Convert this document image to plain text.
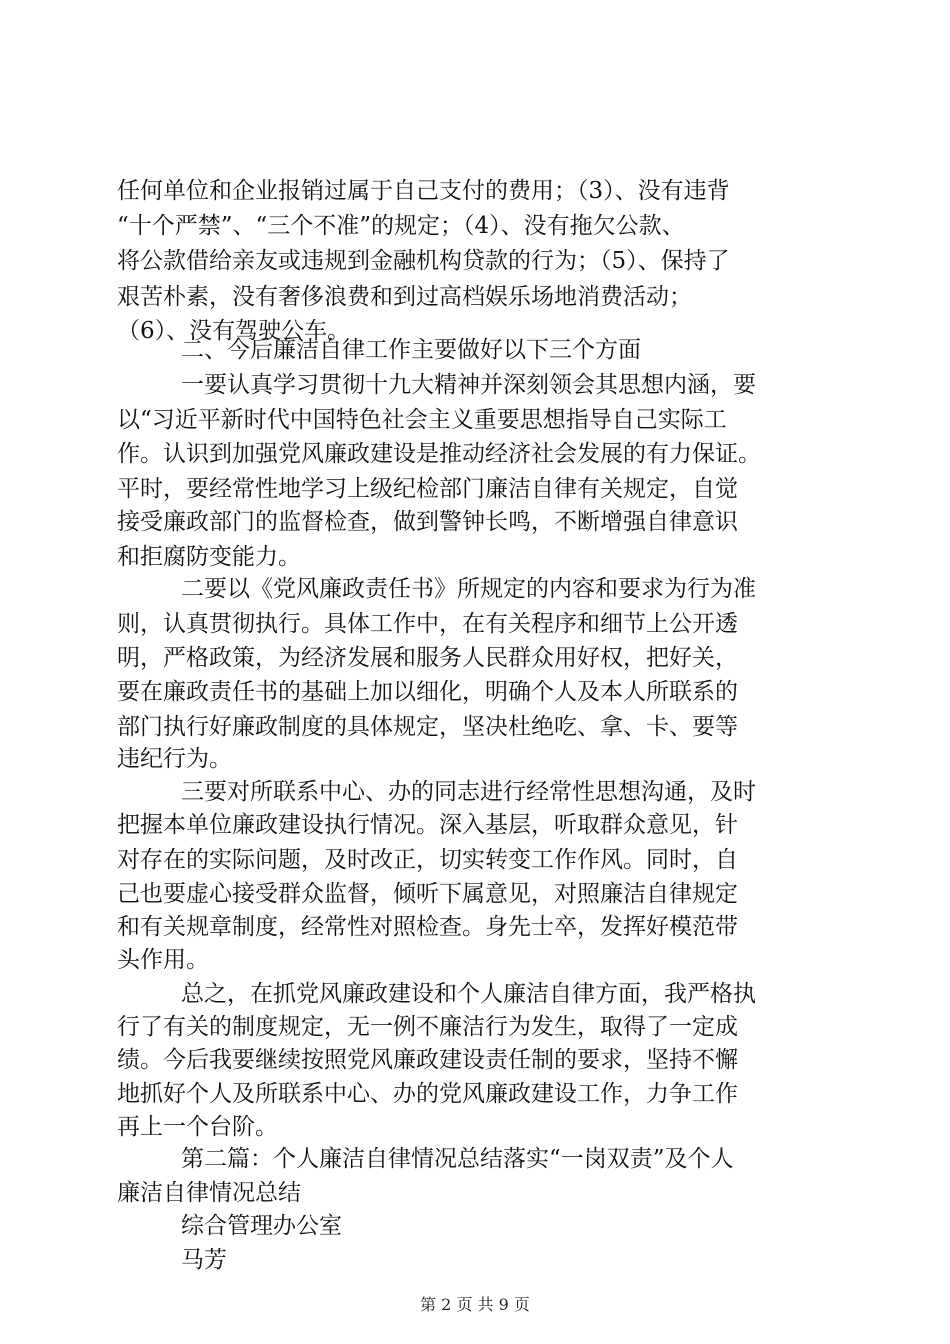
任何单位和企业报销过属于自己支付的费用；（3）、没有违背
“十个严禁”、“三个不准”的规定；（4）、没有拖欠公款、
将公款借给亲友或违规到金融机构贷款的行为；（5）、保持了
艰苦朴素，没有奢侈浪费和到过高档娱乐场地消费活动；
（6）、没有驾驶公车。
二、今后廉洁自律工作主要做好以下三个方面
一要认真学习贯彻十九大精神并深刻领会其思想内涵，要
以“习近平新时代中国特色社会主义重要思想指导自己实际工
作。认识到加强党风廉政建设是推动经济社会发展的有力保证。
平时，要经常性地学习上级纪检部门廉洁自律有关规定，自觉
接受廉政部门的监督检查，做到警钟长鸣，不断增强自律意识
和拒腐防变能力。
二要以《党风廉政责任书》所规定的内容和要求为行为准
则，认真贯彻执行。具体工作中，在有关程序和细节上公开透
明，严格政策，为经济发展和服务人民群众用好权，把好关，
要在廉政责任书的基础上加以细化，明确个人及本人所联系的
部门执行好廉政制度的具体规定，坚决杜绝吃、拿、卡、要等
违纪行为。
三要对所联系中心、办的同志进行经常性思想沟通，及时
把握本单位廉政建设执行情况。深入基层，听取群众意见，针
对存在的实际问题，及时改正，切实转变工作作风。同时，自
己也要虚心接受群众监督，倾听下属意见，对照廉洁自律规定
和有关规章制度，经常性对照检查。身先士卒，发挥好模范带
头作用。
总之，在抓党风廉政建设和个人廉洁自律方面，我严格执
行了有关的制度规定，无一例不廉洁行为发生，取得了一定成
绩。今后我要继续按照党风廉政建设责任制的要求，坚持不懈
地抓好个人及所联系中心、办的党风廉政建设工作，力争工作
再上一个台阶。
第二篇：个人廉洁自律情况总结落实“一岗双责”及个人
廉洁自律情况总结
综合管理办公室
马芳
第 2 页 共 9 页
